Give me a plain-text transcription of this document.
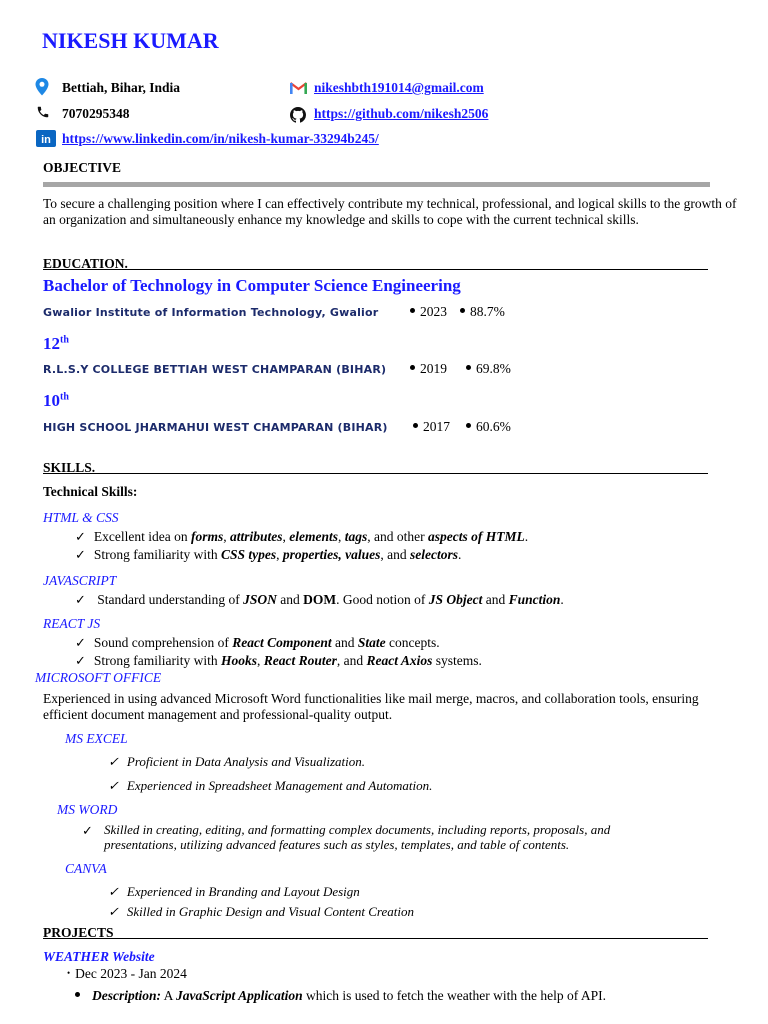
NIKESH KUMAR
Bettiah, Bihar, India	nikeshbth191014@gmail.com
7070295348	https://github.com/nikesh2506
in https://www.linkedin.com/in/nikesh-kumar-33294b245/
OBJECTIVE
To secure a challenging position where I can effectively contribute my technical, professional, and logical skills to the growth of an organization and simultaneously enhance my knowledge and skills to cope with the current technical skills.
EDUCATION.
Bachelor of Technology in Computer Science Engineering
Gwalior Institute of Information Technology, Gwalior	2023	88.7%
12th
R.L.S.Y COLLEGE BETTIAH WEST CHAMPARAN (BIHAR)	2019	69.8%
10th
HIGH SCHOOL JHARMAHUI WEST CHAMPARAN (BIHAR)	2017	60.6%
SKILLS.
Technical Skills:
HTML & CSS
✓ Excellent idea on forms, attributes, elements, tags, and other aspects of HTML.
✓ Strong familiarity with CSS types, properties, values, and selectors.
JAVASCRIPT
✓ Standard understanding of JSON and DOM. Good notion of JS Object and Function.
REACT JS
✓ Sound comprehension of React Component and State concepts.
✓ Strong familiarity with Hooks, React Router, and React Axios systems.
MICROSOFT OFFICE
Experienced in using advanced Microsoft Word functionalities like mail merge, macros, and collaboration tools, ensuring efficient document management and professional-quality output.
MS EXCEL
✓ Proficient in Data Analysis and Visualization.
✓ Experienced in Spreadsheet Management and Automation.
MS WORD
✓ Skilled in creating, editing, and formatting complex documents, including reports, proposals, and presentations, utilizing advanced features such as styles, templates, and table of contents.
CANVA
✓ Experienced in Branding and Layout Design
✓ Skilled in Graphic Design and Visual Content Creation
PROJECTS
WEATHER Website
• Dec 2023 - Jan 2024
Description: A JavaScript Application which is used to fetch the weather with the help of API.
